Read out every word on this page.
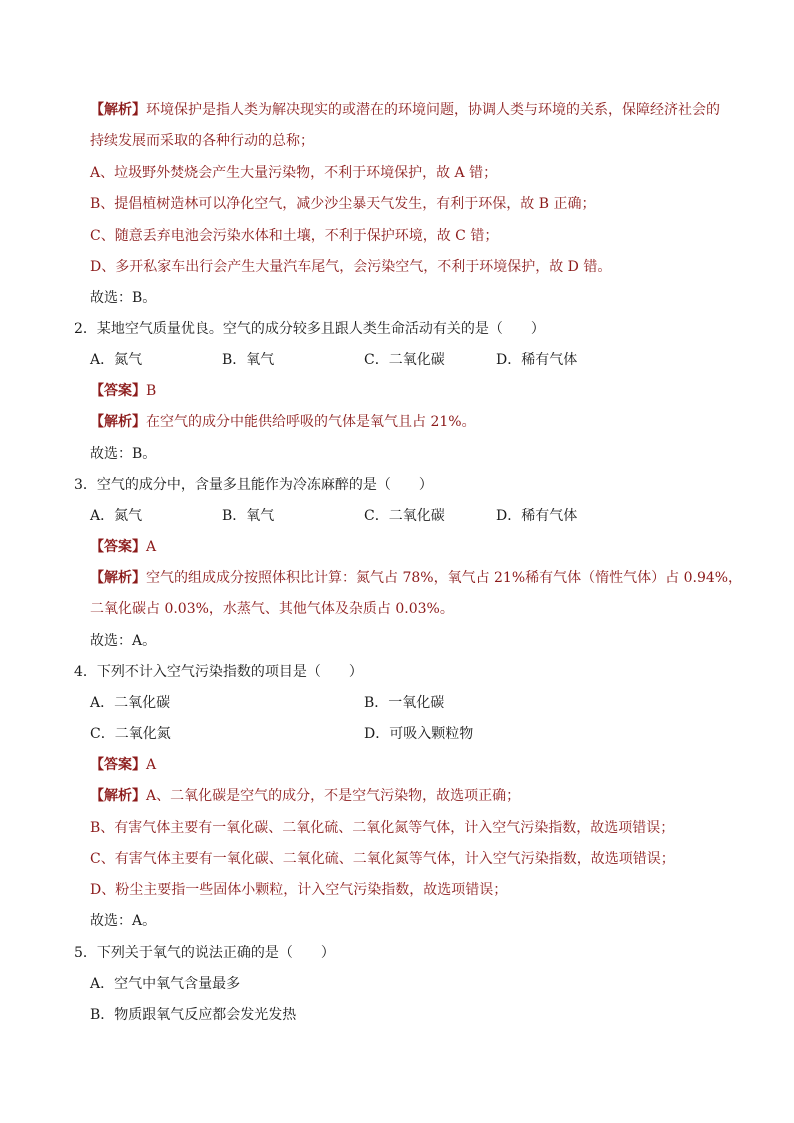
【解析】环境保护是指人类为解决现实的或潜在的环境问题，协调人类与环境的关系，保障经济社会的
持续发展而采取的各种行动的总称；
A、垃圾野外焚烧会产生大量污染物，不利于环境保护，故 A 错；
B、提倡植树造林可以净化空气，减少沙尘暴天气发生，有利于环保，故 B 正确；
C、随意丢弃电池会污染水体和土壤，不利于保护环境，故 C 错；
D、多开私家车出行会产生大量汽车尾气，会污染空气，不利于环境保护，故 D 错。
故选：B。
2．某地空气质量优良。空气的成分较多且跟人类生命活动有关的是（　　）
A．氮气	B．氧气	C．二氧化碳	D．稀有气体
【答案】B
【解析】在空气的成分中能供给呼吸的气体是氧气且占 21%。
故选：B。
3．空气的成分中，含量多且能作为冷冻麻醉的是（　　）
A．氮气	B．氧气	C．二氧化碳	D．稀有气体
【答案】A
【解析】空气的组成成分按照体积比计算：氮气占 78%，氧气占 21%稀有气体（惰性气体）占 0.94%，
二氧化碳占 0.03%，水蒸气、其他气体及杂质占 0.03%。
故选：A。
4．下列不计入空气污染指数的项目是（　　）
A．二氧化碳	B．一氧化碳
C．二氧化氮	D．可吸入颗粒物
【答案】A
【解析】A、二氧化碳是空气的成分，不是空气污染物，故选项正确；
B、有害气体主要有一氧化碳、二氧化硫、二氧化氮等气体，计入空气污染指数，故选项错误；
C、有害气体主要有一氧化碳、二氧化硫、二氧化氮等气体，计入空气污染指数，故选项错误；
D、粉尘主要指一些固体小颗粒，计入空气污染指数，故选项错误；
故选：A。
5．下列关于氧气的说法正确的是（　　）
A．空气中氧气含量最多
B．物质跟氧气反应都会发光发热
